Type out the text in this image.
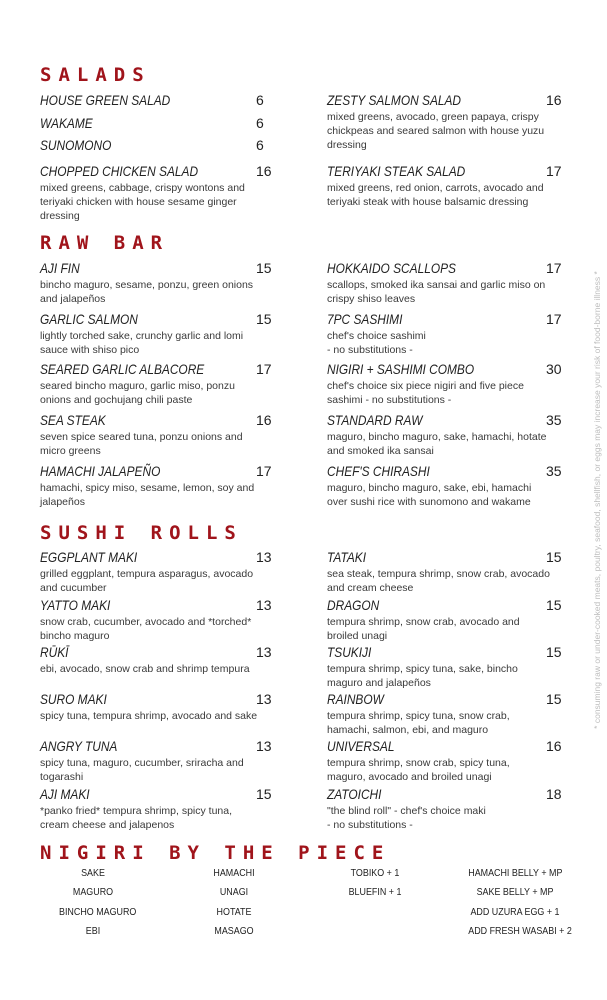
SALADS
RAW BAR
SUSHI ROLLS
NIGIRI BY THE PIECE
HOUSE GREEN SALAD	6
WAKAME	6
SUNOMONO	6
CHOPPED CHICKEN SALAD	16
mixed greens, cabbage, crispy wontons and teriyaki chicken with house sesame ginger dressing
ZESTY SALMON SALAD	16
mixed greens, avocado, green papaya, crispy chickpeas and seared salmon with house yuzu dressing
TERIYAKI STEAK SALAD	17
mixed greens, red onion, carrots, avocado and teriyaki steak with house balsamic dressing
AJI FIN	15
bincho maguro, sesame, ponzu, green onions and jalapeños
GARLIC SALMON	15
lightly torched sake, crunchy garlic and lomi sauce with shiso pico
SEARED GARLIC ALBACORE	17
seared bincho maguro, garlic miso, ponzu onions and gochujang chili paste
SEA STEAK	16
seven spice seared tuna, ponzu onions and micro greens
HAMACHI JALAPEÑO	17
hamachi, spicy miso, sesame, lemon, soy and jalapeños
HOKKAIDO SCALLOPS	17
scallops, smoked ika sansai and garlic miso on crispy shiso leaves
7PC SASHIMI	17
chef's choice sashimi
- no substitutions -
NIGIRI + SASHIMI COMBO	30
chef's choice six piece nigiri and five piece sashimi - no substitutions -
STANDARD RAW	35
maguro, bincho maguro, sake, hamachi, hotate and smoked ika sansai
CHEF'S CHIRASHI	35
maguro, bincho maguro, sake, ebi, hamachi over sushi rice with sunomono and wakame
EGGPLANT MAKI	13
grilled eggplant, tempura asparagus, avocado and cucumber
YATTO MAKI	13
snow crab, cucumber, avocado and *torched* bincho maguro
RŪKĪ	13
ebi, avocado, snow crab and shrimp tempura
SURO MAKI	13
spicy tuna, tempura shrimp, avocado and sake
ANGRY TUNA	13
spicy tuna, maguro, cucumber, sriracha and togarashi
AJI MAKI	15
*panko fried* tempura shrimp, spicy tuna, cream cheese and jalapenos
TATAKI	15
sea steak, tempura shrimp, snow crab, avocado and cream cheese
DRAGON	15
tempura shrimp, snow crab, avocado and broiled unagi
TSUKIJI	15
tempura shrimp, spicy tuna, sake, bincho maguro and jalapeños
RAINBOW	15
tempura shrimp, spicy tuna, snow crab, hamachi, salmon, ebi, and maguro
UNIVERSAL	16
tempura shrimp, snow crab, spicy tuna, maguro, avocado and broiled unagi
ZATOICHI	18
"the blind roll" - chef's choice maki
- no substitutions -
SAKE
MAGURO
BINCHO MAGURO
EBI
HAMACHI
UNAGI
HOTATE
MASAGO
TOBIKO + 1
BLUEFIN + 1
HAMACHI BELLY + MP
SAKE BELLY + MP
ADD UZURA EGG + 1
ADD FRESH WASABI + 2
* consuming raw or under-cooked meats, poultry, seafood, shellfish, or eggs may increase your risk of food-borne illness *
